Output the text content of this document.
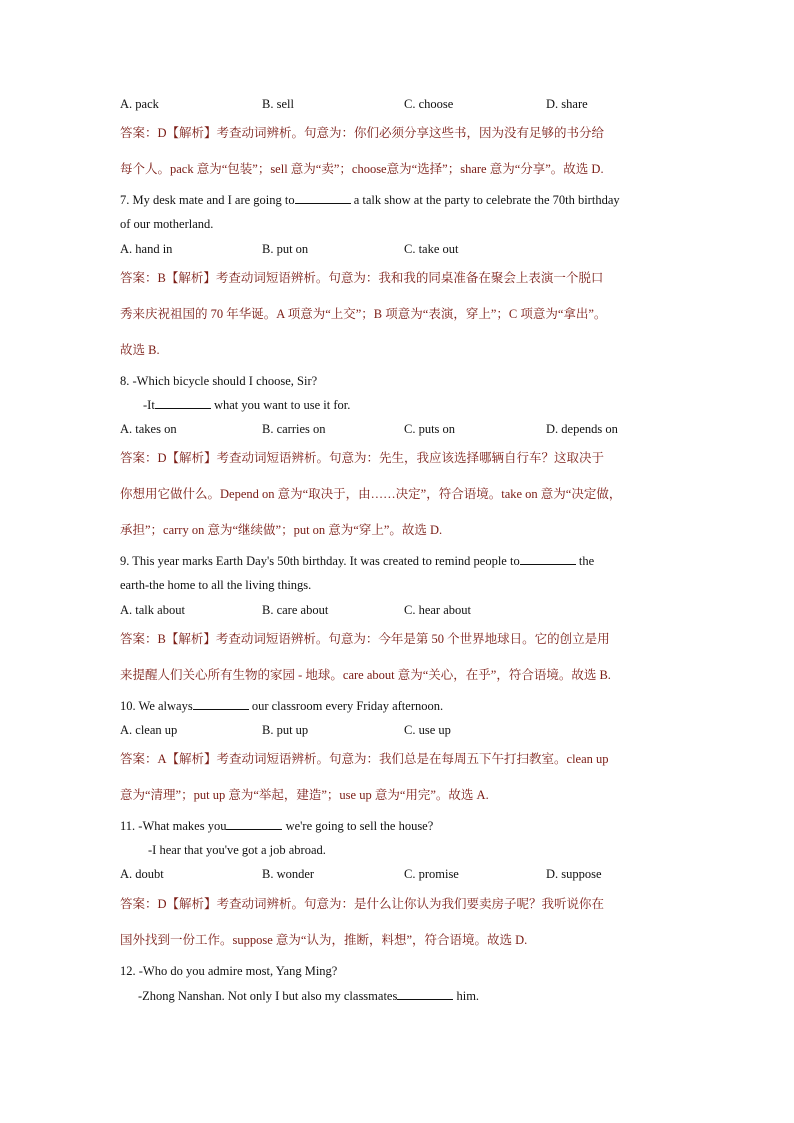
A. pack	B. sell	C. choose	D. share
答案：D【解析】考查动词辨析。句意为：你们必须分享这些书，因为没有足够的书分给
每个人。pack 意为“包装”；sell 意为“卖”；choose意为“选择”；share 意为“分享”。故选 D.
7. My desk mate and I are going to	a talk show at the party to celebrate the 70th birthday
of our motherland.
A. hand in	B. put on	C. take out
答案：B【解析】考查动词短语辨析。句意为：我和我的同桌准备在聚会上表演一个脱口
秀来庆祝祖国的 70 年华诞。A 项意为“上交”；B 项意为“表演，穿上”；C 项意为“拿出”。
故选 B.
8. -Which bicycle should I choose, Sir?
-It	what you want to use it for.
A. takes on	B. carries on	C. puts on	D. depends on
答案：D【解析】考查动词短语辨析。句意为：先生，我应该选择哪辆自行车？这取决于
你想用它做什么。Depend on 意为“取决于，由……决定”，符合语境。take on 意为“决定做，
承担”；carry on 意为“继续做”；put on 意为“穿上”。故选 D.
9. This year marks Earth Day's 50th birthday. It was created to remind people to	the
earth-the home to all the living things.
A. talk about	B. care about	C. hear about
答案：B【解析】考查动词短语辨析。句意为：今年是第 50 个世界地球日。它的创立是用
来提醒人们关心所有生物的家园 - 地球。care about 意为“关心，在乎”，符合语境。故选 B.
10. We always	our classroom every Friday afternoon.
A. clean up	B. put up	C. use up
答案：A【解析】考查动词短语辨析。句意为：我们总是在每周五下午打扫教室。clean up
意为“清理”；put up 意为“举起，建造”；use up 意为“用完”。故选 A.
11. -What makes you	we're going to sell the house?
-I hear that you've got a job abroad.
A. doubt	B. wonder	C. promise	D. suppose
答案：D【解析】考查动词辨析。句意为：是什么让你认为我们要卖房子呢？我听说你在
国外找到一份工作。suppose 意为“认为，推断，料想”，符合语境。故选 D.
12. -Who do you admire most, Yang Ming?
-Zhong Nanshan. Not only I but also my classmates	him.
